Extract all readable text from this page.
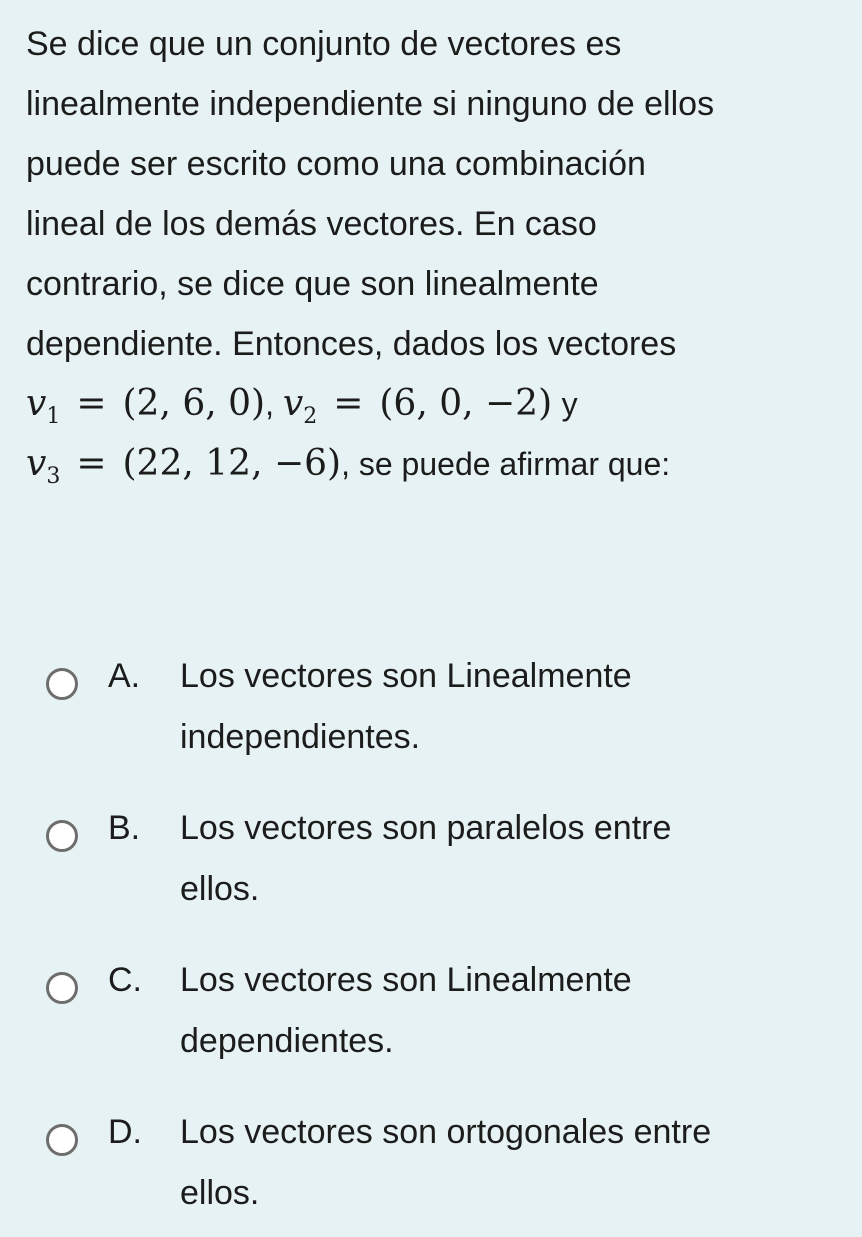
Se dice que un conjunto de vectores es
linealmente independiente si ninguno de ellos
puede ser escrito como una combinación
lineal de los demás vectores. En caso
contrario, se dice que son linealmente
dependiente. Entonces, dados los vectores
$v_1 = (2$, 6, 0), $v_2 = (6$, 0, −2) y
$v_3 = (22$, 12, −6), se puede afirmar que:
A. Los vectores son Linealmente
independientes.
B. Los vectores son paralelos entre
ellos.
C. Los vectores son Linealmente
dependientes.
D. Los vectores son ortogonales entre
ellos.
